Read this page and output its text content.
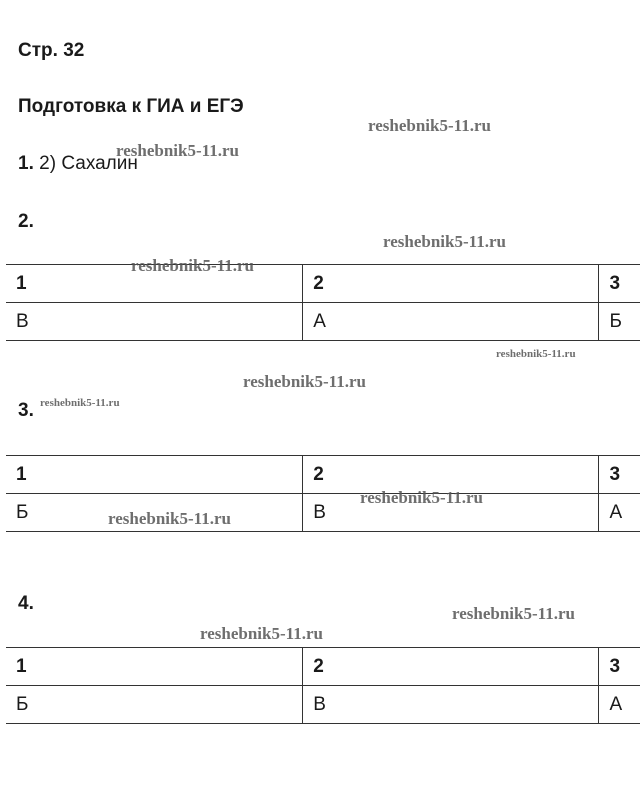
Стр. 32

Подготовка к ГИА и ЕГЭ

1. 2) Сахалин

2.

1	2	3
В	А	Б

3.

1	2	3
Б	В	А

4.

1	2	3
Б	В	А

reshebnik5-11.ru

reshebnik5-11.ru

reshebnik5-11.ru

reshebnik5-11.ru

reshebnik5-11.ru

reshebnik5-11.ru

reshebnik5-11.ru

reshebnik5-11.ru

reshebnik5-11.ru

reshebnik5-11.ru

reshebnik5-11.ru
